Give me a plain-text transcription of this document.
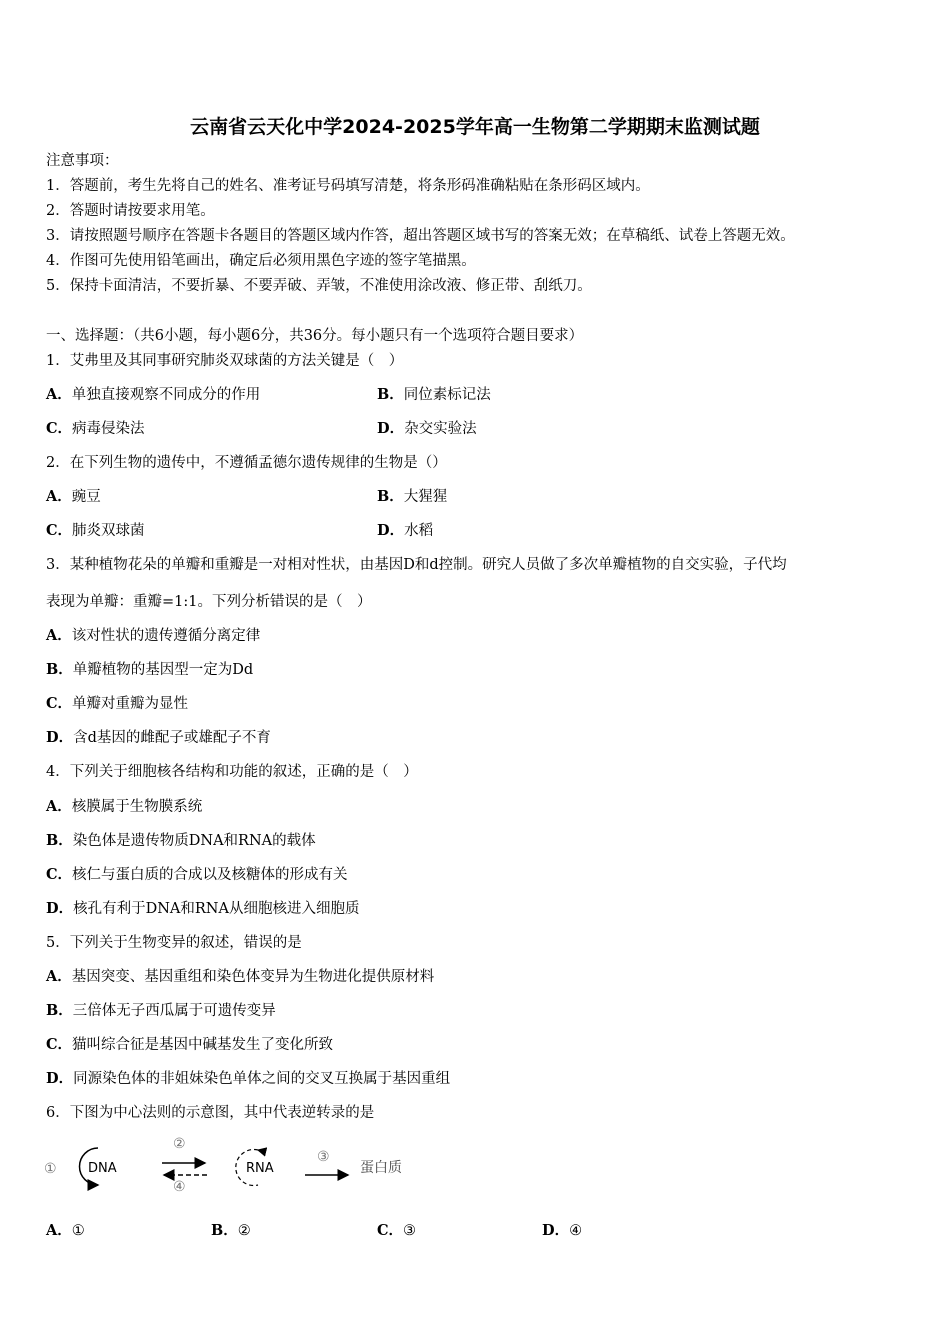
云南省云天化中学2024-2025学年高一生物第二学期期末监测试题
注意事项：
1．答题前，考生先将自己的姓名、准考证号码填写清楚，将条形码准确粘贴在条形码区域内。
2．答题时请按要求用笔。
3．请按照题号顺序在答题卡各题目的答题区域内作答，超出答题区域书写的答案无效；在草稿纸、试卷上答题无效。
4．作图可先使用铅笔画出，确定后必须用黑色字迹的签字笔描黑。
5．保持卡面清洁，不要折暴、不要弄破、弄皱，不准使用涂改液、修正带、刮纸刀。
一、选择题：（共6小题，每小题6分，共36分。每小题只有一个选项符合题目要求）
1．艾弗里及其同事研究肺炎双球菌的方法关键是（　）
A．单独直接观察不同成分的作用	B．同位素标记法
C．病毒侵染法	D．杂交实验法
2．在下列生物的遗传中，不遵循孟德尔遗传规律的生物是（）
A．豌豆	B．大猩猩
C．肺炎双球菌	D．水稻
3．某种植物花朵的单瓣和重瓣是一对相对性状，由基因D和d控制。研究人员做了多次单瓣植物的自交实验，子代均
表现为单瓣：重瓣=1:1。下列分析错误的是（　）
A．该对性状的遗传遵循分离定律
B．单瓣植物的基因型一定为Dd
C．单瓣对重瓣为显性
D．含d基因的雌配子或雄配子不育
4．下列关于细胞核各结构和功能的叙述，正确的是（　）
A．核膜属于生物膜系统
B．染色体是遗传物质DNA和RNA的载体
C．核仁与蛋白质的合成以及核糖体的形成有关
D．核孔有利于DNA和RNA从细胞核进入细胞质
5．下列关于生物变异的叙述，错误的是
A．基因突变、基因重组和染色体变异为生物进化提供原材料
B．三倍体无子西瓜属于可遗传变异
C．猫叫综合征是基因中碱基发生了变化所致
D．同源染色体的非姐妹染色单体之间的交叉互换属于基因重组
6．下图为中心法则的示意图，其中代表逆转录的是
① DNA
②
④
RNA
③
蛋白质
A．①	B．②	C．③	D．④
